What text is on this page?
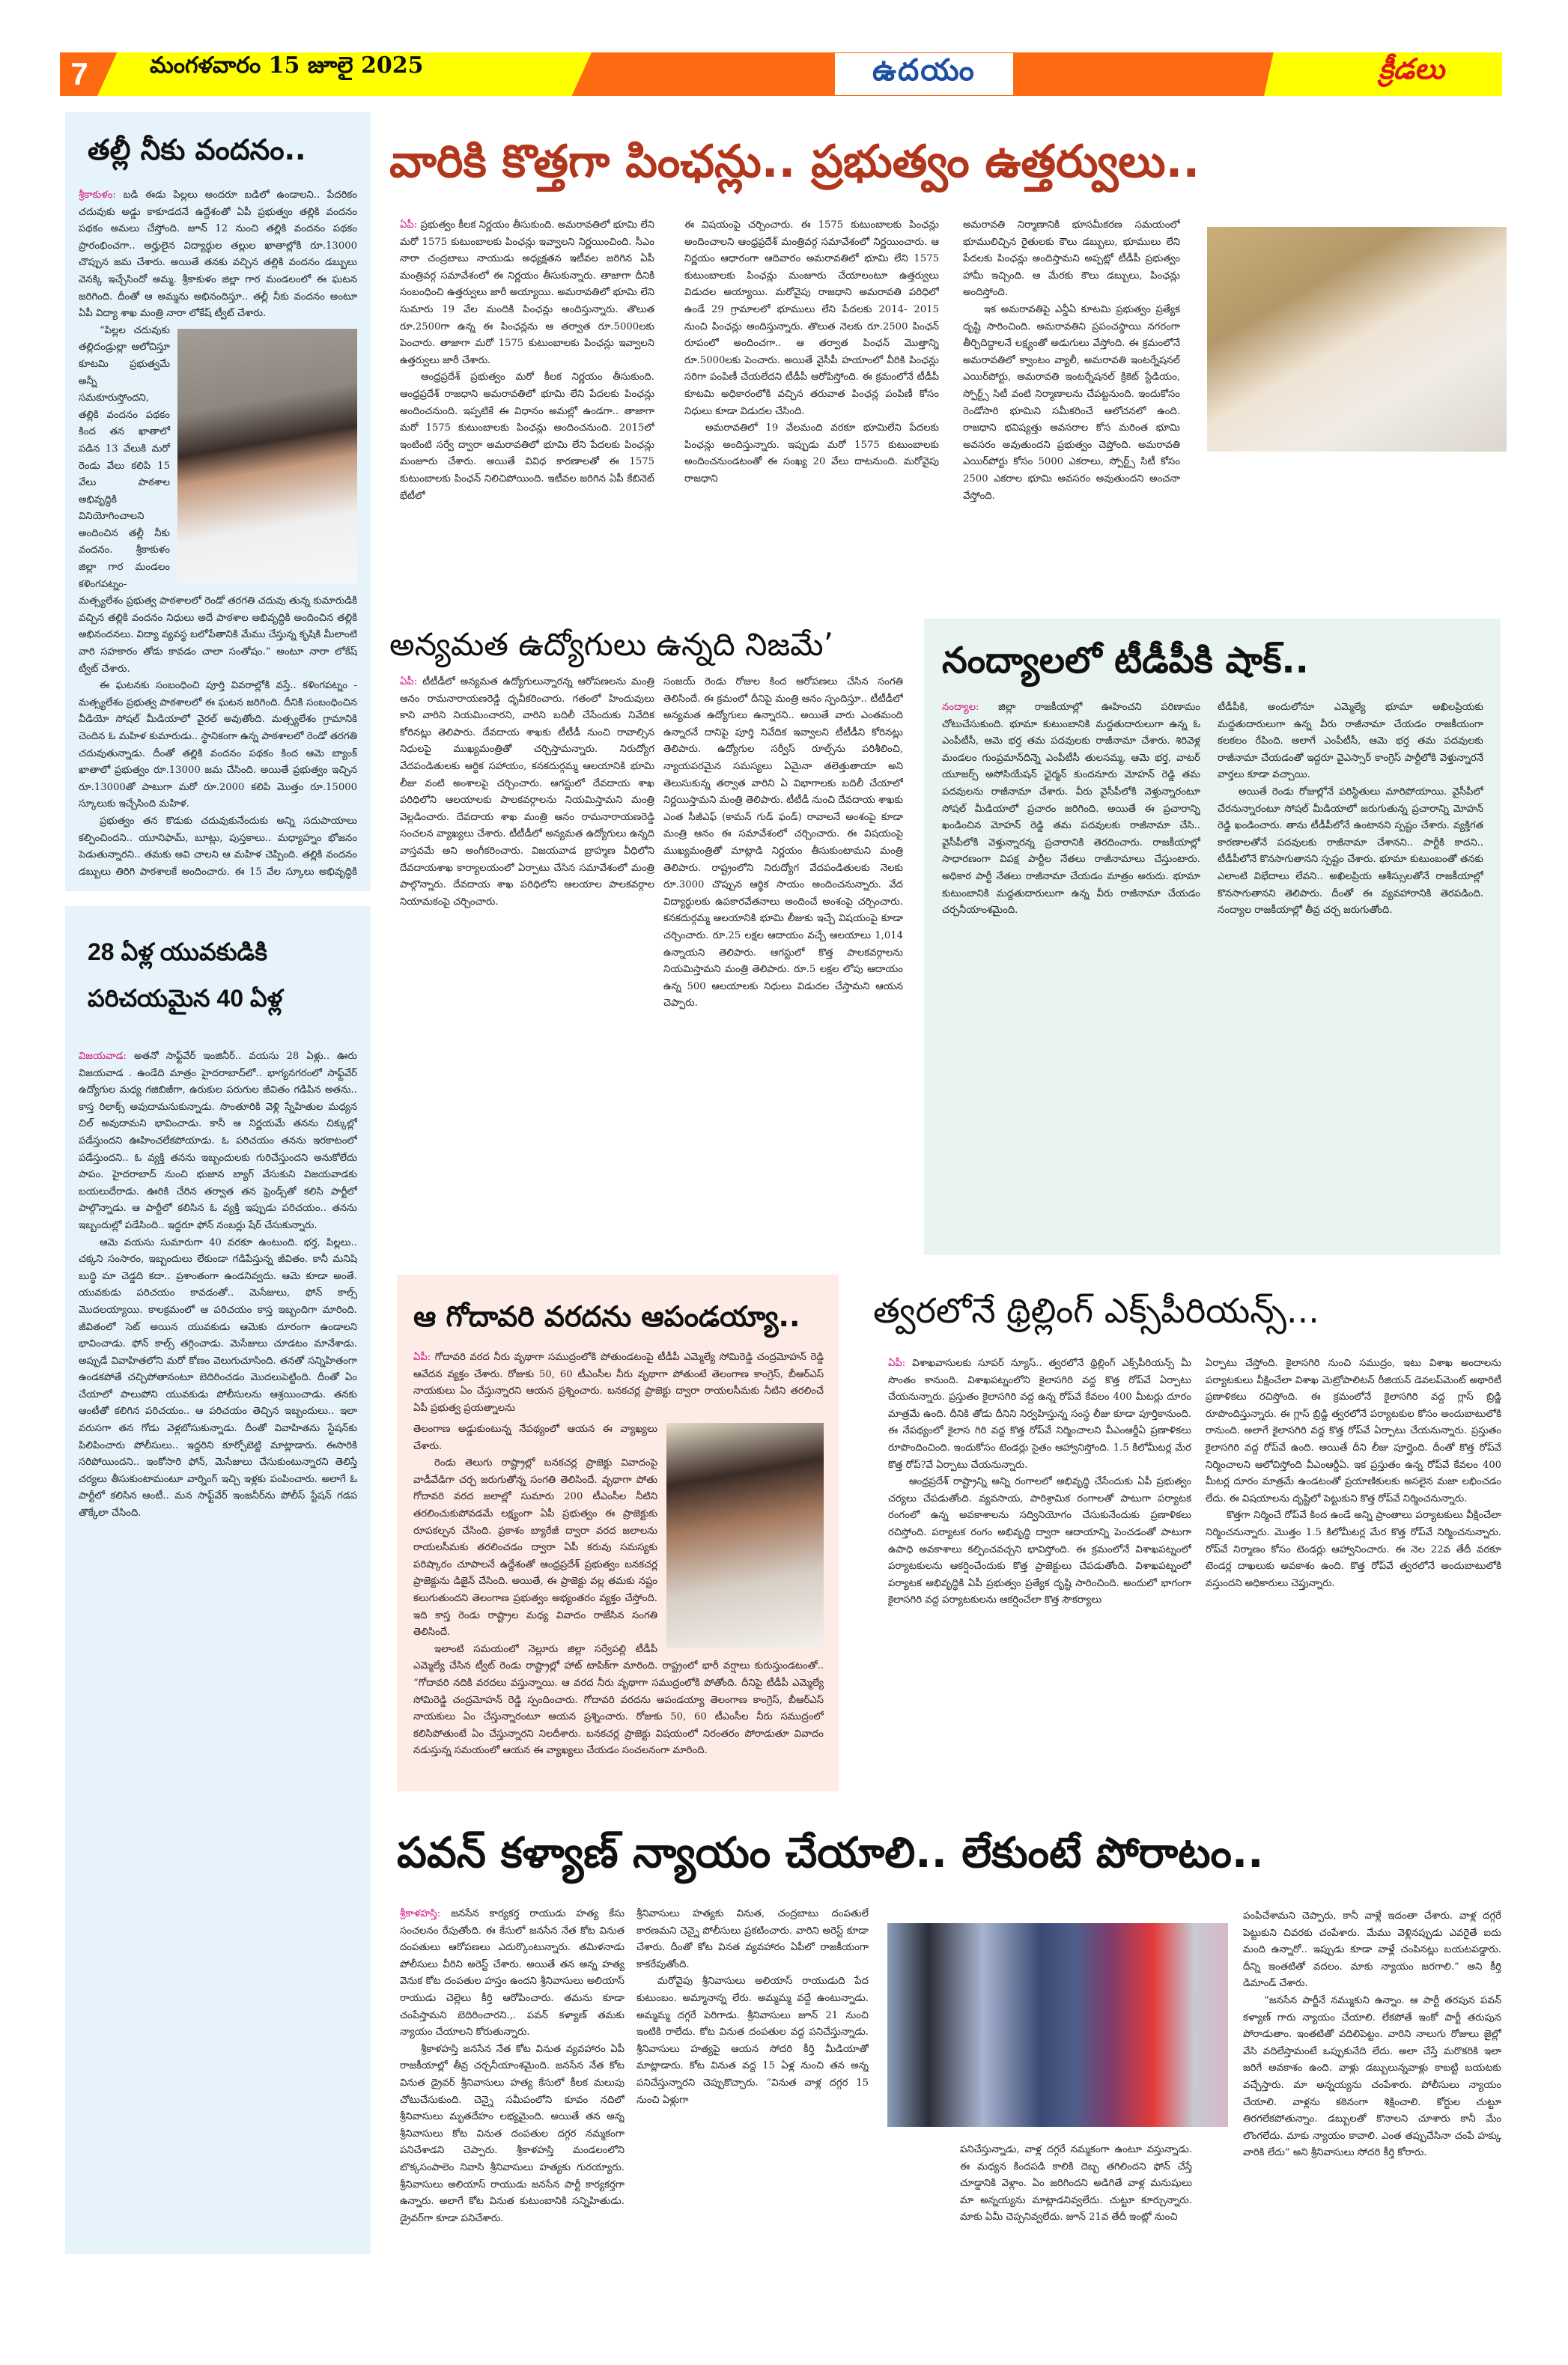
7	మంగళవారం 15 జూలై 2025	ఉదయం	క్రీడలు
తల్లీ నీకు వందనం..

శ్రీకాకుళం: బడి ఈడు పిల్లలు అందరూ బడిలో ఉండాలని.. పేదరికం చదువుకు అడ్డు కాకూడదనే ఉద్దేశంతో ఏపీ ప్రభుత్వం తల్లికి వందనం పథకం అమలు చేస్తోంది. జూన్ 12 నుంచి తల్లికి వందనం పథకం ప్రారంభించగా.. అర్హులైన విద్యార్థుల తల్లుల ఖాతాల్లోకి రూ.13000 చొప్పున జమ చేశారు. అయితే తనకు వచ్చిన తల్లికి వందనం డబ్బులు వెనక్కి ఇచ్చేసిందో అమ్మ. శ్రీకాకుళం జిల్లా గార మండలంలో ఈ ఘటన జరిగింది. దీంతో ఆ అమ్మను అభినందిస్తూ.. తల్లీ నీకు వందనం అంటూ ఏపీ విద్యా శాఖ మంత్రి నారా లోకేష్ ట్వీట్ చేశారు.

“పిల్లల చదువుకు తల్లిదండ్రుల్లా ఆలోచిస్తూ కూటమి ప్రభుత్వమే అన్నీ సమకూరుస్తోందని, తల్లికి వందనం పథకం కింద తన ఖాతాలో పడిన 13 వేలుకి మరో రెండు వేలు కలిపి 15 వేలు పాఠశాల అభివృద్ధికి వినియోగించాలని అందించిన తల్లీ నీకు వందనం. శ్రీకాకుళం జిల్లా గార మండలం కళింగపట్నం-మత్స్యలేశం ప్రభుత్వ పాఠశాలలో రెండో తరగతి చదువు తున్న కుమారుడికి వచ్చిన తల్లికి వందనం నిధులు అదే పాఠశాల అభివృద్ధికి అందించిన తల్లికి అభినందనలు. విద్యా వ్యవస్థ బలోపేతానికి మేము చేస్తున్న కృషికి మీలాంటి వారి సహకారం తోడు కావడం చాలా సంతోషం.” అంటూ నారా లోకేష్ ట్వీట్ చేశారు.

ఈ ఘటనకు సంబంధించి పూర్తి వివరాల్లోకి వస్తే.. కళింగపట్నం - మత్స్యలేశం ప్రభుత్వ పాఠశాలలో ఈ ఘటన జరిగింది. దీనికి సంబంధించిన వీడియో సోషల్ మీడియాలో వైరల్ అవుతోంది. మత్స్యలేశం గ్రామానికి చెందిన ఓ మహిళ కుమారుడు.. స్థానికంగా ఉన్న పాఠశాలలో రెండో తరగతి చదువుతున్నాడు. దీంతో తల్లికి వందనం పథకం కింద ఆమె బ్యాంక్ ఖాతాలో ప్రభుత్వం రూ.13000 జమ చేసింది. అయితే ప్రభుత్వం ఇచ్చిన రూ.13000తో పాటుగా మరో రూ.2000 కలిపి మొత్తం రూ.15000 స్కూలుకు ఇచ్చేసింది మహిళ.

ప్రభుత్వం తన కొడుకు చదువుకునేందుకు అన్ని సదుపాయాలు కల్పించిందని.. యూనిఫామ్, బూట్లు, పుస్తకాలు.. మధ్యాహ్నం భోజనం పెడుతున్నారని.. తమకు అవి చాలని ఆ మహిళ చెప్పింది. తల్లికి వందనం డబ్బులు తిరిగి పాఠశాలకే అందించారు. ఈ 15 వేల స్కూలు అభివృద్ధికి

28 ఏళ్ల యువకుడికి పరిచయమైన 40 ఏళ్ల

విజయవాడ: అతనో సాఫ్ట్‌వేర్ ఇంజినీర్.. వయసు 28 ఏళ్లు.. ఊరు విజయవాడ . ఉండేది మాత్రం హైదరాబాద్‌లో.. భాగ్యనగరంలో సాఫ్ట్‌వేర్ ఉద్యోగుల మధ్య గజిబిజీగా, ఉరుకుల పరుగుల జీవితం గడిపిన అతను.. కాస్త రిలాక్స్ అవుదామనుకున్నాడు. సొంతూరికి వెళ్లి స్నేహితుల మధ్యన చిల్ అవుదామని భావించాడు. కానీ ఆ నిర్ణయమే తనను చిక్కుల్లో పడేస్తుందని ఊహించలేకపోయాడు. ఓ పరిచయం తనను ఇరకాటంలో పడేస్తుందని.. ఓ వ్యక్తి తనను ఇబ్బందులకు గురిచేస్తుందని అనుకోలేదు పాపం. హైదరాబాద్ నుంచి భుజాన బ్యాగ్ వేసుకుని విజయవాడకు బయలుదేరాడు. ఊరికి చేరిన తర్వాత తన ఫ్రెండ్స్‌తో కలిసి పార్టీలో పాల్గొన్నాడు. ఆ పార్టీలో కలిసిన ఓ వ్యక్తి ఇప్పుడు పరిచయం.. తనను ఇబ్బందుల్లో పడేసింది.. ఇద్దరూ ఫోన్ నంబర్లు షేర్ చేసుకున్నారు.

ఆమె వయసు సుమారుగా 40 వరకూ ఉంటుంది. భర్త, పిల్లలు.. చక్కని సంసారం, ఇబ్బందులు లేకుండా గడిపేస్తున్న జీవితం. కానీ మనిషి బుద్ధి మా చెడ్డది కదా.. ప్రశాంతంగా ఉండనివ్వదు. ఆమె కూడా అంతే. యువకుడు పరిచయం కావడంతో.. మెసేజులు, ఫోన్ కాల్స్ మొదలయ్యాయి. కాలక్రమంలో ఆ పరిచయం కాస్త ఇబ్బందిగా మారింది. జీవితంలో సెట్ అయిన యువకుడు ఆమెకు దూరంగా ఉండాలని భావించాడు. ఫోన్ కాల్స్ తగ్గించాడు. మెసేజులు చూడటం మానేశాడు. అప్పుడే వివాహితలోని మరో కోణం వెలుగుచూసింది. తనతో సన్నిహితంగా ఉండకపోతే చచ్చిపోతానంటూ బెదిరించడం మొదలుపెట్టింది. దీంతో ఏం చేయాలో పాలుపోని యువకుడు పోలీసులను ఆశ్రయించాడు. తనకు ఆంటీతో కలిగిన పరిచయం.. ఆ పరిచయం తెచ్చిన ఇబ్బందులు.. ఇలా వరుసగా తన గోడు వెళ్లబోసుకున్నాడు. దీంతో వివాహితను స్టేషన్‌కు పిలిపించారు పోలీసులు.. ఇద్దరిని కూర్చోబెట్టి మాట్లాడారు. ఈసారికి సరిపోయిందని.. ఇంకోసారి ఫోన్, మెసేజులు చేసుకుంటున్నారని తెలిస్తే చర్యలు తీసుకుంటామంటూ వార్నింగ్ ఇచ్చి ఇళ్లకు పంపించారు. అలాగే ఓ పార్టీలో కలిసిన ఆంటీ.. మన సాఫ్ట్‌వేర్ ఇంజనీర్‌ను పోలీస్ స్టేషన్ గడప తొక్కేలా చేసింది.

వారికి కొత్తగా పింఛన్లు.. ప్రభుత్వం ఉత్తర్వులు..

ఏపీ: ప్రభుత్వం కీలక నిర్ణయం తీసుకుంది. అమరావతిలో భూమి లేని మరో 1575 కుటుంబాలకు పింఛన్లు ఇవ్వాలని నిర్ణయించింది. సీఎం నారా చంద్రబాబు నాయుడు అధ్యక్షతన ఇటీవల జరిగిన ఏపీ మంత్రివర్గ సమావేశంలో ఈ నిర్ణయం తీసుకున్నారు. తాజాగా దీనికి సంబంధించి ఉత్తర్వులు జారీ అయ్యాయి. అమరావతిలో భూమి లేని సుమారు 19 వేల మందికి పింఛన్లు అందిస్తున్నారు. తొలుత రూ.2500గా ఉన్న ఈ పింఛన్లను ఆ తర్వాత రూ.5000లకు పెంచారు. తాజాగా మరో 1575 కుటుంబాలకు పింఛన్లు ఇవ్వాలని ఉత్తర్వులు జారీ చేశారు.

ఆంధ్రప్రదేశ్ ప్రభుత్వం మరో కీలక నిర్ణయం తీసుకుంది. ఆంధ్రప్రదేశ్ రాజధాని అమరావతిలో భూమి లేని పేదలకు పింఛన్లు అందించనుంది. ఇప్పటికే ఈ విధానం అమల్లో ఉండగా.. తాజాగా మరో 1575 కుటుంబాలకు పింఛన్లు అందించనుంది. 2015లో ఇంటింటి సర్వే ద్వారా అమరావతిలో భూమి లేని పేదలకు పింఛన్లు మంజూరు చేశారు. అయితే వివిధ కారణాలతో ఈ 1575 కుటుంబాలకు పింఛన్ నిలిచిపోయింది. ఇటీవల జరిగిన ఏపీ కేబినెట్ భేటీలో

ఈ విషయంపై చర్చించారు. ఈ 1575 కుటుంబాలకు పింఛన్లు అందించాలని ఆంధ్రప్రదేశ్ మంత్రివర్గ సమావేశంలో నిర్ణయించారు. ఆ నిర్ణయం ఆధారంగా ఆదివారం అమరావతిలో భూమి లేని 1575 కుటుంబాలకు పింఛన్లు మంజూరు చేయాలంటూ ఉత్తర్వులు విడుదల అయ్యాయి. మరోవైపు రాజధాని అమరావతి పరిధిలో ఉండే 29 గ్రామాలలో భూములు లేని పేదలకు 2014- 2015 నుంచి పింఛన్లు అందిస్తున్నారు. తొలుత నెలకు రూ.2500 పింఛన్ రూపంలో అందించగా.. ఆ తర్వాత పింఛన్ మొత్తాన్ని రూ.5000లకు పెంచారు. అయితే వైసీపీ హయాంలో వీరికి పింఛన్లు సరిగా పంపిణీ చేయలేదని టీడీపీ ఆరోపిస్తోంది. ఈ క్రమంలోనే టీడీపీ కూటమి అధికారంలోకి వచ్చిన తరువాత పింఛన్ల పంపిణీ కోసం నిధులు కూడా విడుదల చేసింది.

అమరావతిలో 19 వేలమంది వరకూ భూమిలేని పేదలకు పింఛన్లు అందిస్తున్నారు. ఇప్పుడు మరో 1575 కుటుంబాలకు అందించనుండటంతో ఈ సంఖ్య 20 వేలు దాటనుంది. మరోవైపు రాజధాని

అమరావతి నిర్మాణానికి భూసమీకరణ సమయంలో భూములిచ్చిన రైతులకు కౌలు డబ్బులు, భూములు లేని పేదలకు పింఛన్లు అందిస్తామని అప్పట్లో టీడీపీ ప్రభుత్వం హామీ ఇచ్చింది. ఆ మేరకు కౌలు డబ్బులు, పింఛన్లు అందిస్తోంది.

ఇక అమరావతిపై ఎన్డీఏ కూటమి ప్రభుత్వం ప్రత్యేక దృష్టి సారించింది. అమరావతిని ప్రపంచస్థాయి నగరంగా తీర్చిదిద్దాలనే లక్ష్యంతో అడుగులు వేస్తోంది. ఈ క్రమంలోనే అమరావతిలో క్వాంటం వ్యాలీ, అమరావతి ఇంటర్నేషనల్ ఎయిర్‌పోర్టు, అమరావతి ఇంటర్నేషనల్ క్రికెట్ స్టేడియం, స్పోర్ట్స్ సిటీ వంటి నిర్మాణాలను చేపట్టనుంది. ఇందుకోసం రెండోసారి భూమిని సమీకరించే ఆలోచనలో ఉంది. రాజధాని భవిష్యత్తు అవసరాల కోస మరింత భూమి అవసరం అవుతుందని ప్రభుత్వం చెప్తోంది. అమరావతి ఎయిర్‌పోర్టు కోసం 5000 ఎకరాలు, స్పోర్ట్స్ సిటీ కోసం 2500 ఎకరాల భూమి అవసరం అవుతుందని అంచనా వేస్తోంది.

అన్యమత ఉద్యోగులు ఉన్నది నిజమే’

ఏపీ: టీటీడీలో అన్యమత ఉద్యోగులున్నారన్న ఆరోపణలను మంత్రి ఆనం రామనారాయణరెడ్డి ధృవీకరించారు. గతంలో హిందువులు కాని వారిని నియమించారని, వారిని బదిలీ చేసేందుకు నివేదిక కోరినట్లు తెలిపారు. దేవదాయ శాఖకు టీటీడీ నుంచి రావాల్సిన నిధులపై ముఖ్యమంత్రితో చర్చిస్తామన్నారు. నిరుద్యోగ వేదపండితులకు ఆర్థిక సహాయం, కనకదుర్గమ్మ ఆలయానికి భూమి లీజు వంటి అంశాలపై చర్చించారు. ఆగస్టులో దేవదాయ శాఖ పరిధిలోని ఆలయాలకు పాలకవర్గాలను నియమిస్తామని మంత్రి వెల్లడించారు. దేవదాయ శాఖ మంత్రి ఆనం రామనారాయణరెడ్డి సంచలన వ్యాఖ్యలు చేశారు. టీటీడీలో అన్యమత ఉద్యోగులు ఉన్నది వాస్తవమే అని అంగీకరించారు. విజయవాడ బ్రాహ్మణ వీధిలోని దేవదాయశాఖ కార్యాలయంలో ఏర్పాటు చేసిన సమావేశంలో మంత్రి పాల్గొన్నారు. దేవదాయ శాఖ పరిధిలోని ఆలయాల పాలకవర్గాల నియామకంపై చర్చించారు.

సంజయ్ రెండు రోజుల కింద ఆరోపణలు చేసిన సంగతి తెలిసిందే. ఈ క్రమంలో దీనిపై మంత్రి ఆనం స్పందిస్తూ.. టీటీడీలో అన్యమత ఉద్యోగులు ఉన్నారని.. అయితే వారు ఎంతమంది ఉన్నారనే దానిపై పూర్తి నివేదిక ఇవ్వాలని టీటీడీని కోరినట్లు తెలిపారు. ఉద్యోగుల సర్వీస్ రూల్స్‌ను పరిశీలించి, న్యాయపరమైన సమస్యలు ఏమైనా తలెత్తుతాయా అని తెలుసుకున్న తర్వాత వారిని ఏ విభాగాలకు బదిలీ చేయాలో నిర్ణయిస్తామని మంత్రి తెలిపారు. టీటీడీ నుంచి దేవదాయ శాఖకు ఎంత సీజీఎఫ్ (కామన్ గుడ్ ఫండ్) రావాలనే అంశంపై కూడా మంత్రి ఆనం ఈ సమావేశంలో చర్చించారు. ఈ విషయంపై ముఖ్యమంత్రితో మాట్లాడి నిర్ణయం తీసుకుంటామని మంత్రి తెలిపారు. రాష్ట్రంలోని నిరుద్యోగ వేదపండితులకు నెలకు రూ.3000 చొప్పున ఆర్థిక సాయం అందించనున్నారు. వేద విద్యార్థులకు ఉపకారవేతనాలు అందించే అంశంపై చర్చించారు. కనకదుర్గమ్మ ఆలయానికి భూమి లీజుకు ఇచ్చే విషయంపై కూడా చర్చించారు. రూ.25 లక్షల ఆదాయం వచ్చే ఆలయాలు 1,014 ఉన్నాయని తెలిపారు. ఆగస్టులో కొత్త పాలకవర్గాలను నియమిస్తామని మంత్రి తెలిపారు. రూ.5 లక్షల లోపు ఆదాయం ఉన్న 500 ఆలయాలకు నిధులు విడుదల చేస్తామని ఆయన చెప్పారు.

నంద్యాలలో టీడీపీకి షాక్..

నంద్యాల: జిల్లా రాజకీయాల్లో ఊహించని పరిణామం చోటుచేసుకుంది. భూమా కుటుంబానికి మద్దతుదారులుగా ఉన్న ఓ ఎంపీటీసీ, ఆమె భర్త తమ పదవులకు రాజీనామా చేశారు. శిరివెళ్ల మండలం గుంప్రమాన్‌దిన్నె ఎంపీటీసీ తులసమ్మ, ఆమె భర్త, వాటర్ యూజర్స్ అసోసియేషన్ ఛైర్మన్ కుందనూరు మోహన్ రెడ్డి తమ పదవులను రాజీనామా చేశారు. వీరు వైసీపీలోకి వెళ్తున్నారంటూ సోషల్ మీడియాలో ప్రచారం జరిగింది. అయితే ఈ ప్రచారాన్ని ఖండించిన మోహన్ రెడ్డి తమ పదవులకు రాజీనామా చేసి.. వైసీపీలోకి వెళ్తున్నారన్న ప్రచారానికి తెరదించారు. రాజకీయాల్లో సాధారణంగా విపక్ష పార్టీల నేతలు రాజీనామాలు చేస్తుంటారు. అధికార పార్టీ నేతలు రాజీనామా చేయడం మాత్రం అరుదు. భూమా కుటుంబానికి మద్దతుదారులుగా ఉన్న వీరు రాజీనామా చేయడం చర్చనీయాంశమైంది.

టీడీపీకి, అందులోనూ ఎమ్మెల్యే భూమా అఖిలప్రియకు మద్దతుదారులుగా ఉన్న వీరు రాజీనామా చేయడం రాజకీయంగా కలకలం రేపింది. అలాగే ఎంపీటీసీ, ఆమె భర్త తమ పదవులకు రాజీనామా చేయడంతో ఇద్దరూ వైఎస్సార్ కాంగ్రెస్ పార్టీలోకి వెళ్తున్నారనే వార్తలు కూడా వచ్చాయి.

అయితే రెండు రోజుల్లోనే పరిస్థితులు మారిపోయాయి. వైసీపీలో చేరనున్నారంటూ సోషల్ మీడియాలో జరుగుతున్న ప్రచారాన్ని మోహన్ రెడ్డి ఖండించారు. తాను టీడీపీలోనే ఉంటానని స్పష్టం చేశారు. వ్యక్తిగత కారణాలతోనే పదవులకు రాజీనామా చేశానని.. పార్టీకి కాదని.. టీడీపీలోనే కొనసాగుతానని స్పష్టం చేశారు. భూమా కుటుంబంతో తనకు ఎలాంటి విభేదాలు లేవని.. అఖిలప్రియ ఆశీస్సులతోనే రాజకీయాల్లో కొనసాగుతానని తెలిపారు. దీంతో ఈ వ్యవహారానికి తెరపడింది. నంద్యాల రాజకీయాల్లో తీవ్ర చర్చ జరుగుతోంది.

ఆ గోదావరి వరదను ఆపండయ్యా..

ఏపీ: గోదావరి వరద నీరు వృథాగా సముద్రంలోకి పోతుండటంపై టీడీపీ ఎమ్మెల్యే సోమిరెడ్డి చంద్రమోహన్ రెడ్డి ఆవేదన వ్యక్తం చేశారు. రోజుకు 50, 60 టీఎంసీల నీరు వృథాగా పోతుంటే తెలంగాణ కాంగ్రెస్, బీఆర్ఎస్ నాయకులు ఏం చేస్తున్నారని ఆయన ప్రశ్నించారు. బనకచర్ల ప్రాజెక్టు ద్వారా రాయలసీమకు నీటిని తరలించే ఏపీ ప్రభుత్వ ప్రయత్నాలను

తెలంగాణ అడ్డుకుంటున్న నేపథ్యంలో ఆయన ఈ వ్యాఖ్యలు చేశారు.

రెండు తెలుగు రాష్ట్రాల్లో బనకచర్ల ప్రాజెక్టు వివాదంపై వాడీవేడిగా చర్చ జరుగుతోన్న సంగతి తెలిసిందే. వృథాగా పోతు గోదావరి వరద జలాల్లో సుమారు 200 టీఎంసీల నీటిని తరలించుకుపోవడమే లక్ష్యంగా ఏపీ ప్రభుత్వం ఈ ప్రాజెక్టుకు రూపకల్పన చేసింది. ప్రకాశం బ్యారేజీ ద్వారా వరద జలాలను రాయలసీమకు తరలించడం ద్వారా ఏపీ కరువు సమస్యకు పరిష్కారం చూపాలనే ఉద్దేశంతో ఆంధ్రప్రదేశ్ ప్రభుత్వం బనకచర్ల ప్రాజెక్టును డిజైన్ చేసింది. అయితే, ఈ ప్రాజెక్టు వల్ల తమకు నష్టం కలుగుతుందని తెలంగాణ ప్రభుత్వం అభ్యంతరం వ్యక్తం చేస్తోంది. ఇది కాస్త రెండు రాష్ట్రాల మధ్య వివాదం రాజేసిన సంగతి తెలిసిందే.

ఇలాంటి సమయంలో నెల్లూరు జిల్లా సర్వేపల్లి టీడీపీ ఎమ్మెల్యే చేసిన ట్వీట్ రెండు రాష్ట్రాల్లో హాట్ టాపిక్‌గా మారింది. రాష్ట్రంలో భారీ వర్షాలు కురుస్తుండటంతో.. “గోదావరి నదికి వరదలు వస్తున్నాయి. ఆ వరద నీరు వృథాగా సముద్రంలోకి పోతోంది. దీనిపై టీడీపీ ఎమ్మెల్యే సోమిరెడ్డి చంద్రమోహన్ రెడ్డి స్పందించారు. గోదావరి వరదను ఆపండయ్యా తెలంగాణ కాంగ్రెస్, బీఆర్ఎస్ నాయకులు ఏం చేస్తున్నారంటూ ఆయన ప్రశ్నించారు. రోజుకు 50, 60 టీఎంసీల నీరు సముద్రంలో కలిసిపోతుంటే ఏం చేస్తున్నారని నిలదీశారు. బనకచర్ల ప్రాజెక్టు విషయంలో నిరంతరం పోరాడుతూ వివాదం నడుస్తున్న సమయంలో ఆయన ఈ వ్యాఖ్యలు చేయడం సంచలనంగా మారింది.

త్వరలోనే థ్రిల్లింగ్ ఎక్స్‌పీరియన్స్...

ఏపీ: విశాఖవాసులకు సూపర్ న్యూస్.. త్వరలోనే థ్రిల్లింగ్ ఎక్స్‌పీరియన్స్ మీ సొంతం కానుంది. విశాఖపట్నంలోని కైలాసగిరి వద్ద కొత్త రోప్‌వే ఏర్పాటు చేయనున్నారు. ప్రస్తుతం కైలాసగిరి వద్ద ఉన్న రోప్‌వే కేవలం 400 మీటర్లు దూరం మాత్రమే ఉంది. దీనికి తోడు దీనిని నిర్వహిస్తున్న సంస్థ లీజు కూడా పూర్తికానుంది. ఈ నేపథ్యంలో కైలాస గిరి వద్ద కొత్త రోప్‌వే నిర్మించాలని వీఎంఆర్డీఏ ప్రణాళికలు రూపొందించింది. ఇందుకోసం టెండర్లు సైతం ఆహ్వానిస్తోంది. 1.5 కిలోమీటర్ల మేర కొత్త రోప్?వే ఏర్పాటు చేయనున్నారు.

ఆంధ్రప్రదేశ్ రాష్ట్రాన్ని అన్ని రంగాలలో అభివృద్ధి చేసేందుకు ఏపీ ప్రభుత్వం చర్యలు చేపడుతోంది. వ్యవసాయ, పారిశ్రామిక రంగాలతో పాటుగా పర్యాటక రంగంలో ఉన్న అవకాశాలను సద్వినియోగం చేసుకునేందుకు ప్రణాళికలు రచిస్తోంది. పర్యాటక రంగం అభివృద్ధి ద్వారా ఆదాయాన్ని పెంచడంతో పాటుగా ఉపాధి అవకాశాలు కల్పించవచ్చని భావిస్తోంది. ఈ క్రమంలోనే విశాఖపట్నంలో పర్యాటకులను ఆకర్షించేందుకు కొత్త ప్రాజెక్టులు చేపడుతోంది. విశాఖపట్నంలో పర్యాటక అభివృద్ధికి ఏపీ ప్రభుత్వం ప్రత్యేక దృష్టి సారించింది. అందులో భాగంగా కైలాసగిరి వద్ద పర్యాటకులను ఆకర్షించేలా కొత్త సౌకర్యాలు

ఏర్పాటు చేస్తోంది. కైలాసగిరి నుంచి సముద్రం, ఇటు విశాఖ అందాలను పర్యాటకులు వీక్షించేలా విశాఖ మెట్రోపాలిటన్ రీజియన్ డెవలప్‌మెంట్ అథారిటీ ప్రణాళికలు రచిస్తోంది. ఈ క్రమంలోనే కైలాసగిరి వద్ద గ్లాస్ బ్రిడ్జి రూపొందిస్తున్నారు. ఈ గ్లాస్ బ్రిడ్జి త్వరలోనే పర్యాటకుల కోసం అందుబాటులోకి రానుంది. అలాగే కైలాసగిరి వద్ద కొత్త రోప్‌వే ఏర్పాటు చేయనున్నారు. ప్రస్తుతం కైలాసగిరి వద్ద రోప్‌వే ఉంది. అయితే దీని లీజు పూర్తైంది. దీంతో కొత్త రోప్‌వే నిర్మించాలని ఆలోచిస్తోంది వీఎంఆర్డీఏ. ఇక ప్రస్తుతం ఉన్న రోప్‌వే కేవలం 400 మీటర్ల దూరం మాత్రమే ఉండటంతో ప్రయాణికులకు అసలైన మజా లభించడం లేదు. ఈ విషయాలను దృష్టిలో పెట్టుకుని కొత్త రోప్‌వే నిర్మించనున్నారు.

కొత్తగా నిర్మించే రోప్‌వే కింద ఉండే అన్ని ప్రాంతాలు పర్యాటకులు వీక్షించేలా నిర్మించనున్నారు. మొత్తం 1.5 కిలోమీటర్ల మేర కొత్త రోప్‌వే నిర్మించనున్నారు. రోప్‌వే నిర్మాణం కోసం టెండర్లు ఆహ్వానించారు. ఈ నెల 22వ తేదీ వరకూ టెండర్ల దాఖలుకు అవకాశం ఉంది. కొత్త రోప్‌వే త్వరలోనే అందుబాటులోకి వస్తుందని అధికారులు చెప్తున్నారు.

పవన్ కళ్యాణ్ న్యాయం చేయాలి.. లేకుంటే పోరాటం..

శ్రీకాళహస్తి: జనసేన కార్యకర్త రాయుడు హత్య కేసు సంచలనం రేపుతోంది. ఈ కేసులో జనసేన నేత కోట వినుత దంపతులు ఆరోపణలు ఎదుర్కొంటున్నారు. తమిళనాడు పోలీసులు వీరిని అరెస్ట్ చేశారు. అయితే తన అన్న హత్య వెనుక కోట దంపతుల హస్తం ఉందని శ్రీనివాసులు అలియాస్ రాయుడు చెల్లెలు కీర్తి ఆరోపించారు. తమను కూడా చంపేస్తామని బెదిరించారని.,. పవన్ కళ్యాణ్ తమకు న్యాయం చేయాలని కోరుతున్నారు.

శ్రీకాళహస్తి జనసేన నేత కోట వినుత వ్యవహారం ఏపీ రాజకీయాల్లో తీవ్ర చర్చనీయాంశమైంది. జనసేన నేత కోట వినుత డ్రైవర్ శ్రీనివాసులు హత్య కేసులో కీలక మలుపు చోటుచేసుకుంది. చెన్నై సమీపంలోని కూవం నదిలో శ్రీనివాసులు మృతదేహం లభ్యమైంది. అయితే తన అన్న శ్రీనివాసులు కోట వినుత దంపతుల దగ్గర నమ్మకంగా పనిచేశాడని చెప్పారు. శ్రీకాళహస్తి మండలంలోని బొక్కసంపాలెం నివాసి శ్రీనివాసులు హత్యకు గురయ్యారు. శ్రీనివాసులు అలియాస్ రాయుడు జనసేన పార్టీ కార్యకర్తగా ఉన్నారు. అలాగే కోట వినుత కుటుంబానికి సన్నిహితుడు. డ్రైవర్‌గా కూడా పనిచేశారు.

శ్రీనివాసులు హత్యకు వినుత, చంద్రబాబు దంపతులే కారణమని చెన్నై పోలీసులు ప్రకటించారు. వారిని అరెస్ట్ కూడా చేశారు. దీంతో కోట వినత వ్యవహారం ఏపీలో రాజకీయంగా కాకరేపుతోంది.

మరోవైపు శ్రీనివాసులు అలియాస్ రాయుడుది పేద కుటుంబం. అమ్మానాన్న లేరు. అమ్మమ్మ వద్దే ఉంటున్నాడు. అమ్మమ్మ దగ్గరే పెరిగాడు. శ్రీనివాసులు జూన్ 21 నుంచి ఇంటికి రాలేదు. కోట వినుత దంపతుల వద్ద పనిచేస్తున్నాడు. శ్రీనివాసులు హత్యపై ఆయన సోదరి కీర్తి మీడియాతో మాట్లాడారు. కోట వినుత వద్ద 15 ఏళ్ల నుంచి తన అన్న పనిచేస్తున్నారని చెప్పుకొచ్చారు. “వినుత వాళ్ల దగ్గర 15 నుంచి ఏళ్లుగా

పనిచేస్తున్నాడు, వాళ్ల దగ్గరే నమ్మకంగా ఉంటూ వస్తున్నాడు. ఈ మధ్యన కిందపడి కాలికి దెబ్బ తగిలిందని ఫోన్ చేస్తే చూడ్డానికి వెళ్లాం. ఏం జరిగిందని అడిగితే వాళ్ల మనుషులు మా అన్నయ్యను మాట్లాడనివ్వలేదు. చుట్టూ కూర్చున్నారు. మాకు ఏమీ చెప్పనివ్వలేదు. జూన్ 21వ తేదీ ఇంట్లో నుంచి

పంపిచేశామని చెప్పారు, కానీ వాళ్లే ఇదంతా చేశారు. వాళ్ల దగ్గరే పెట్టుకుని చివరకు చంపేశారు. మేము వెళ్లినప్పుడు ఎవరైతే ఐదు మంది ఉన్నారో.. ఇప్పుడు కూడా వాళ్లే చంపినట్లు బయటపడ్డారు. దీన్ని ఇంతటితో వదలం. మాకు న్యాయం జరగాలి.” అని కీర్తి డిమాండ్ చేశారు.

“జనసేన పార్టీనే నమ్ముకుని ఉన్నాం. ఆ పార్టీ తరపున పవన్ కళ్యాణ్ గారు న్యాయం చేయాలి. లేకపోతే ఇంకో పార్టీ తరుపున పోరాడుతాం. ఇంతటితో వదిలిపెట్టం. వారిని నాలుగు రోజులు జైల్లో వేసి వదిలేస్తామంటే ఒప్పుకునేది లేదు. అలా చేస్తే మరొకరికి ఇలా జరిగే అవకాశం ఉంది. వాళ్లు డబ్బులున్నవాళ్లు కాబట్టి బయటకు వచ్చేస్తారు. మా అన్నయ్యను చంపేశారు. పోలీసులు న్యాయం చేయాలి. వాళ్లను కఠినంగా శిక్షించాలి. కోర్టుల చుట్టూ తిరగలేకపోతున్నాం. డబ్బులతో కొనాలని చూశారు కానీ మేం లొంగలేదు. మాకు న్యాయం కావాలి. ఎంత తప్పుచేసినా చంపే హక్కు వారికి లేదు” అని శ్రీనివాసులు సోదరి కీర్తి కోరారు.
